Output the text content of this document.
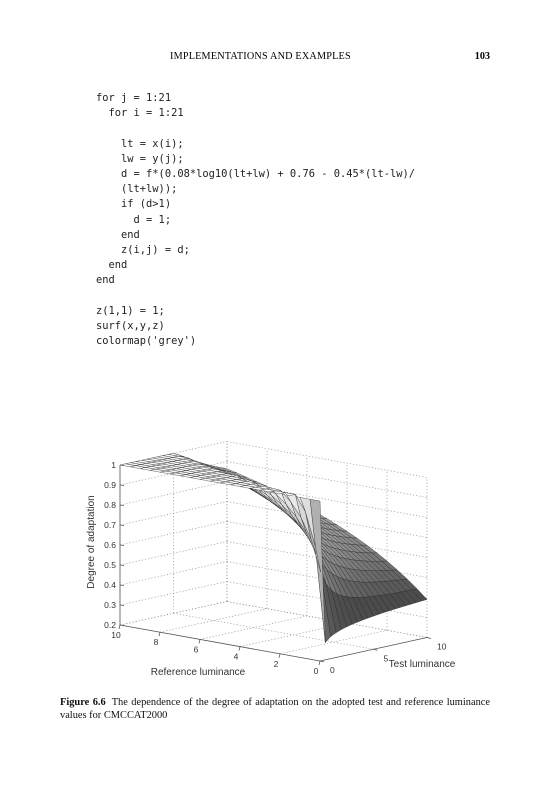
IMPLEMENTATIONS AND EXAMPLES	103
for j = 1:21
for i = 1:21
lt = x(i);
lw = y(j);
d = f*(0.08*log10(lt+lw) + 0.76 - 0.45*(lt-lw)/
(lt+lw));
if (d>1)
d = 1;
end
z(i,j) = d;
end
end
z(1,1) = 1;
surf(x,y,z)
colormap('grey')
0.2
0.3
0.4
0.5
0.6
0.7
0.8
0.9
1
10
8
6
4
2
0 0
5
10
Degree of adaptation
Reference luminance
Test luminance
Figure 6.6 The dependence of the degree of adaptation on the adopted test and reference luminance values for CMCCAT2000
